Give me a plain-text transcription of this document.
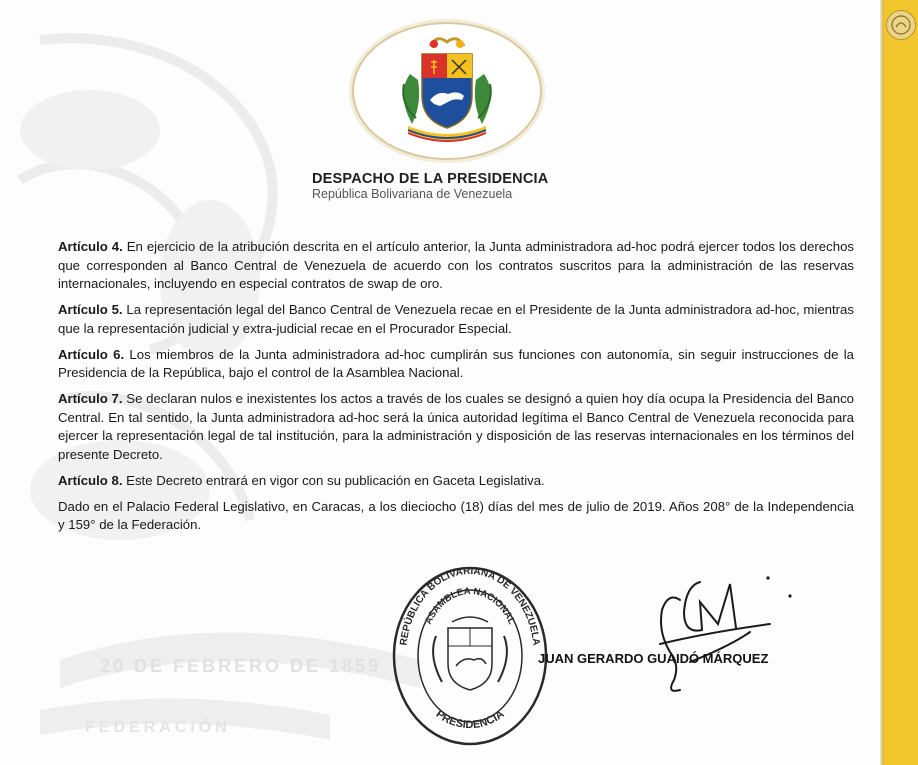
20 DE FEBRERO DE 1859
FEDERACIÓN
DESPACHO DE LA PRESIDENCIA
República Bolivariana de Venezuela

Artículo 4. En ejercicio de la atribución descrita en el artículo anterior, la Junta administradora ad-hoc podrá ejercer todos los derechos que corresponden al Banco Central de Venezuela de acuerdo con los contratos suscritos para la administración de las reservas internacionales, incluyendo en especial contratos de swap de oro.

Artículo 5. La representación legal del Banco Central de Venezuela recae en el Presidente de la Junta administradora ad-hoc, mientras que la representación judicial y extra-judicial recae en el Procurador Especial.

Artículo 6. Los miembros de la Junta administradora ad-hoc cumplirán sus funciones con autonomía, sin seguir instrucciones de la Presidencia de la República, bajo el control de la Asamblea Nacional.

Artículo 7. Se declaran nulos e inexistentes los actos a través de los cuales se designó a quien hoy día ocupa la Presidencia del Banco Central. En tal sentido, la Junta administradora ad-hoc será la única autoridad legítima el Banco Central de Venezuela reconocida para ejercer la representación legal de tal institución, para la administración y disposición de las reservas internacionales en los términos del presente Decreto.

Artículo 8. Este Decreto entrará en vigor con su publicación en Gaceta Legislativa.

Dado en el Palacio Federal Legislativo, en Caracas, a los dieciocho (18) días del mes de julio de 2019. Años 208° de la Independencia y 159° de la Federación.

REPÚBLICA BOLIVARIANA DE VENEZUELA
ASAMBLEA NACIONAL
PRESIDENCIA
JUAN GERARDO GUAIDÓ MÁRQUEZ
